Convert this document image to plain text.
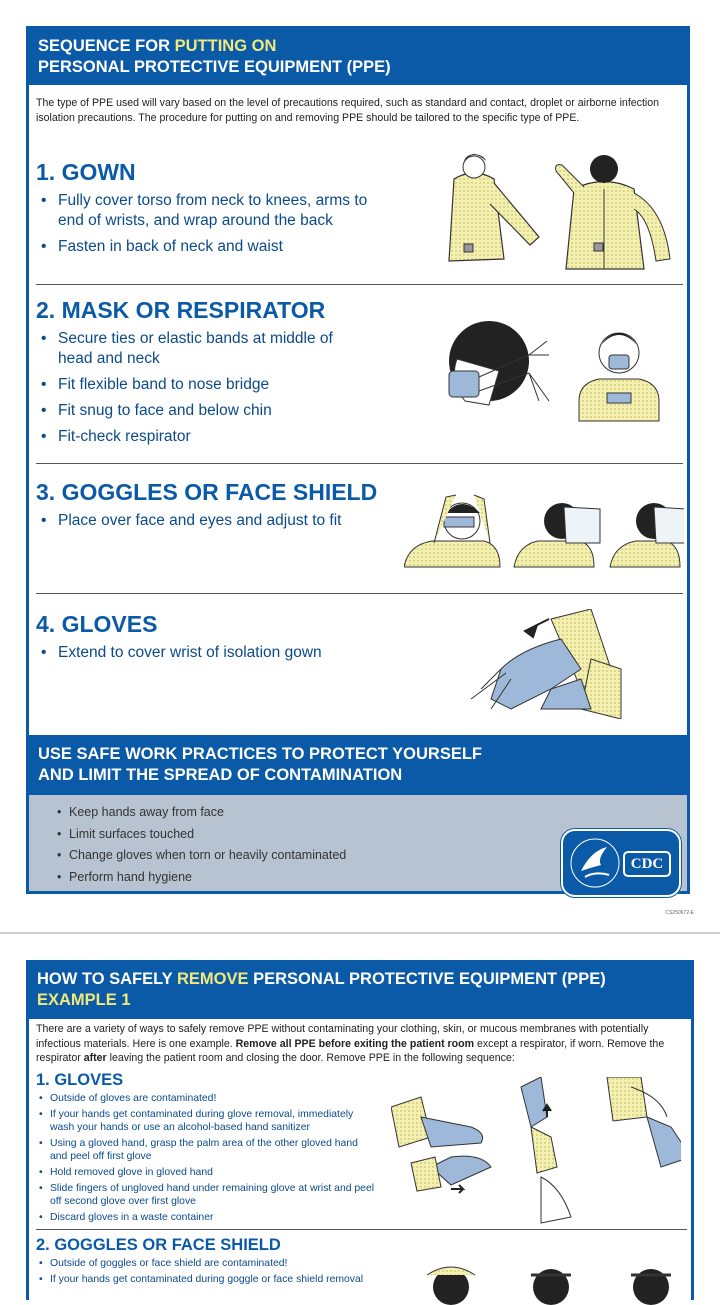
SEQUENCE FOR PUTTING ON
PERSONAL PROTECTIVE EQUIPMENT (PPE)
The type of PPE used will vary based on the level of precautions required, such as standard and contact, droplet or airborne infection isolation precautions. The procedure for putting on and removing PPE should be tailored to the specific type of PPE.
1. GOWN
• Fully cover torso from neck to knees, arms to end of wrists, and wrap around the back
• Fasten in back of neck and waist
2. MASK OR RESPIRATOR
• Secure ties or elastic bands at middle of head and neck
• Fit flexible band to nose bridge
• Fit snug to face and below chin
• Fit-check respirator
3. GOGGLES OR FACE SHIELD
• Place over face and eyes and adjust to fit
4. GLOVES
• Extend to cover wrist of isolation gown
USE SAFE WORK PRACTICES TO PROTECT YOURSELF
AND LIMIT THE SPREAD OF CONTAMINATION
• Keep hands away from face
• Limit surfaces touched
• Change gloves when torn or heavily contaminated
• Perform hand hygiene
CDC
CS250672-E
HOW TO SAFELY REMOVE PERSONAL PROTECTIVE EQUIPMENT (PPE)
EXAMPLE 1
There are a variety of ways to safely remove PPE without contaminating your clothing, skin, or mucous membranes with potentially infectious materials. Here is one example. Remove all PPE before exiting the patient room except a respirator, if worn. Remove the respirator after leaving the patient room and closing the door. Remove PPE in the following sequence:
1. GLOVES
• Outside of gloves are contaminated!
• If your hands get contaminated during glove removal, immediately wash your hands or use an alcohol-based hand sanitizer
• Using a gloved hand, grasp the palm area of the other gloved hand and peel off first glove
• Hold removed glove in gloved hand
• Slide fingers of ungloved hand under remaining glove at wrist and peel off second glove over first glove
• Discard gloves in a waste container
2. GOGGLES OR FACE SHIELD
• Outside of goggles or face shield are contaminated!
• If your hands get contaminated during goggle or face shield removal
